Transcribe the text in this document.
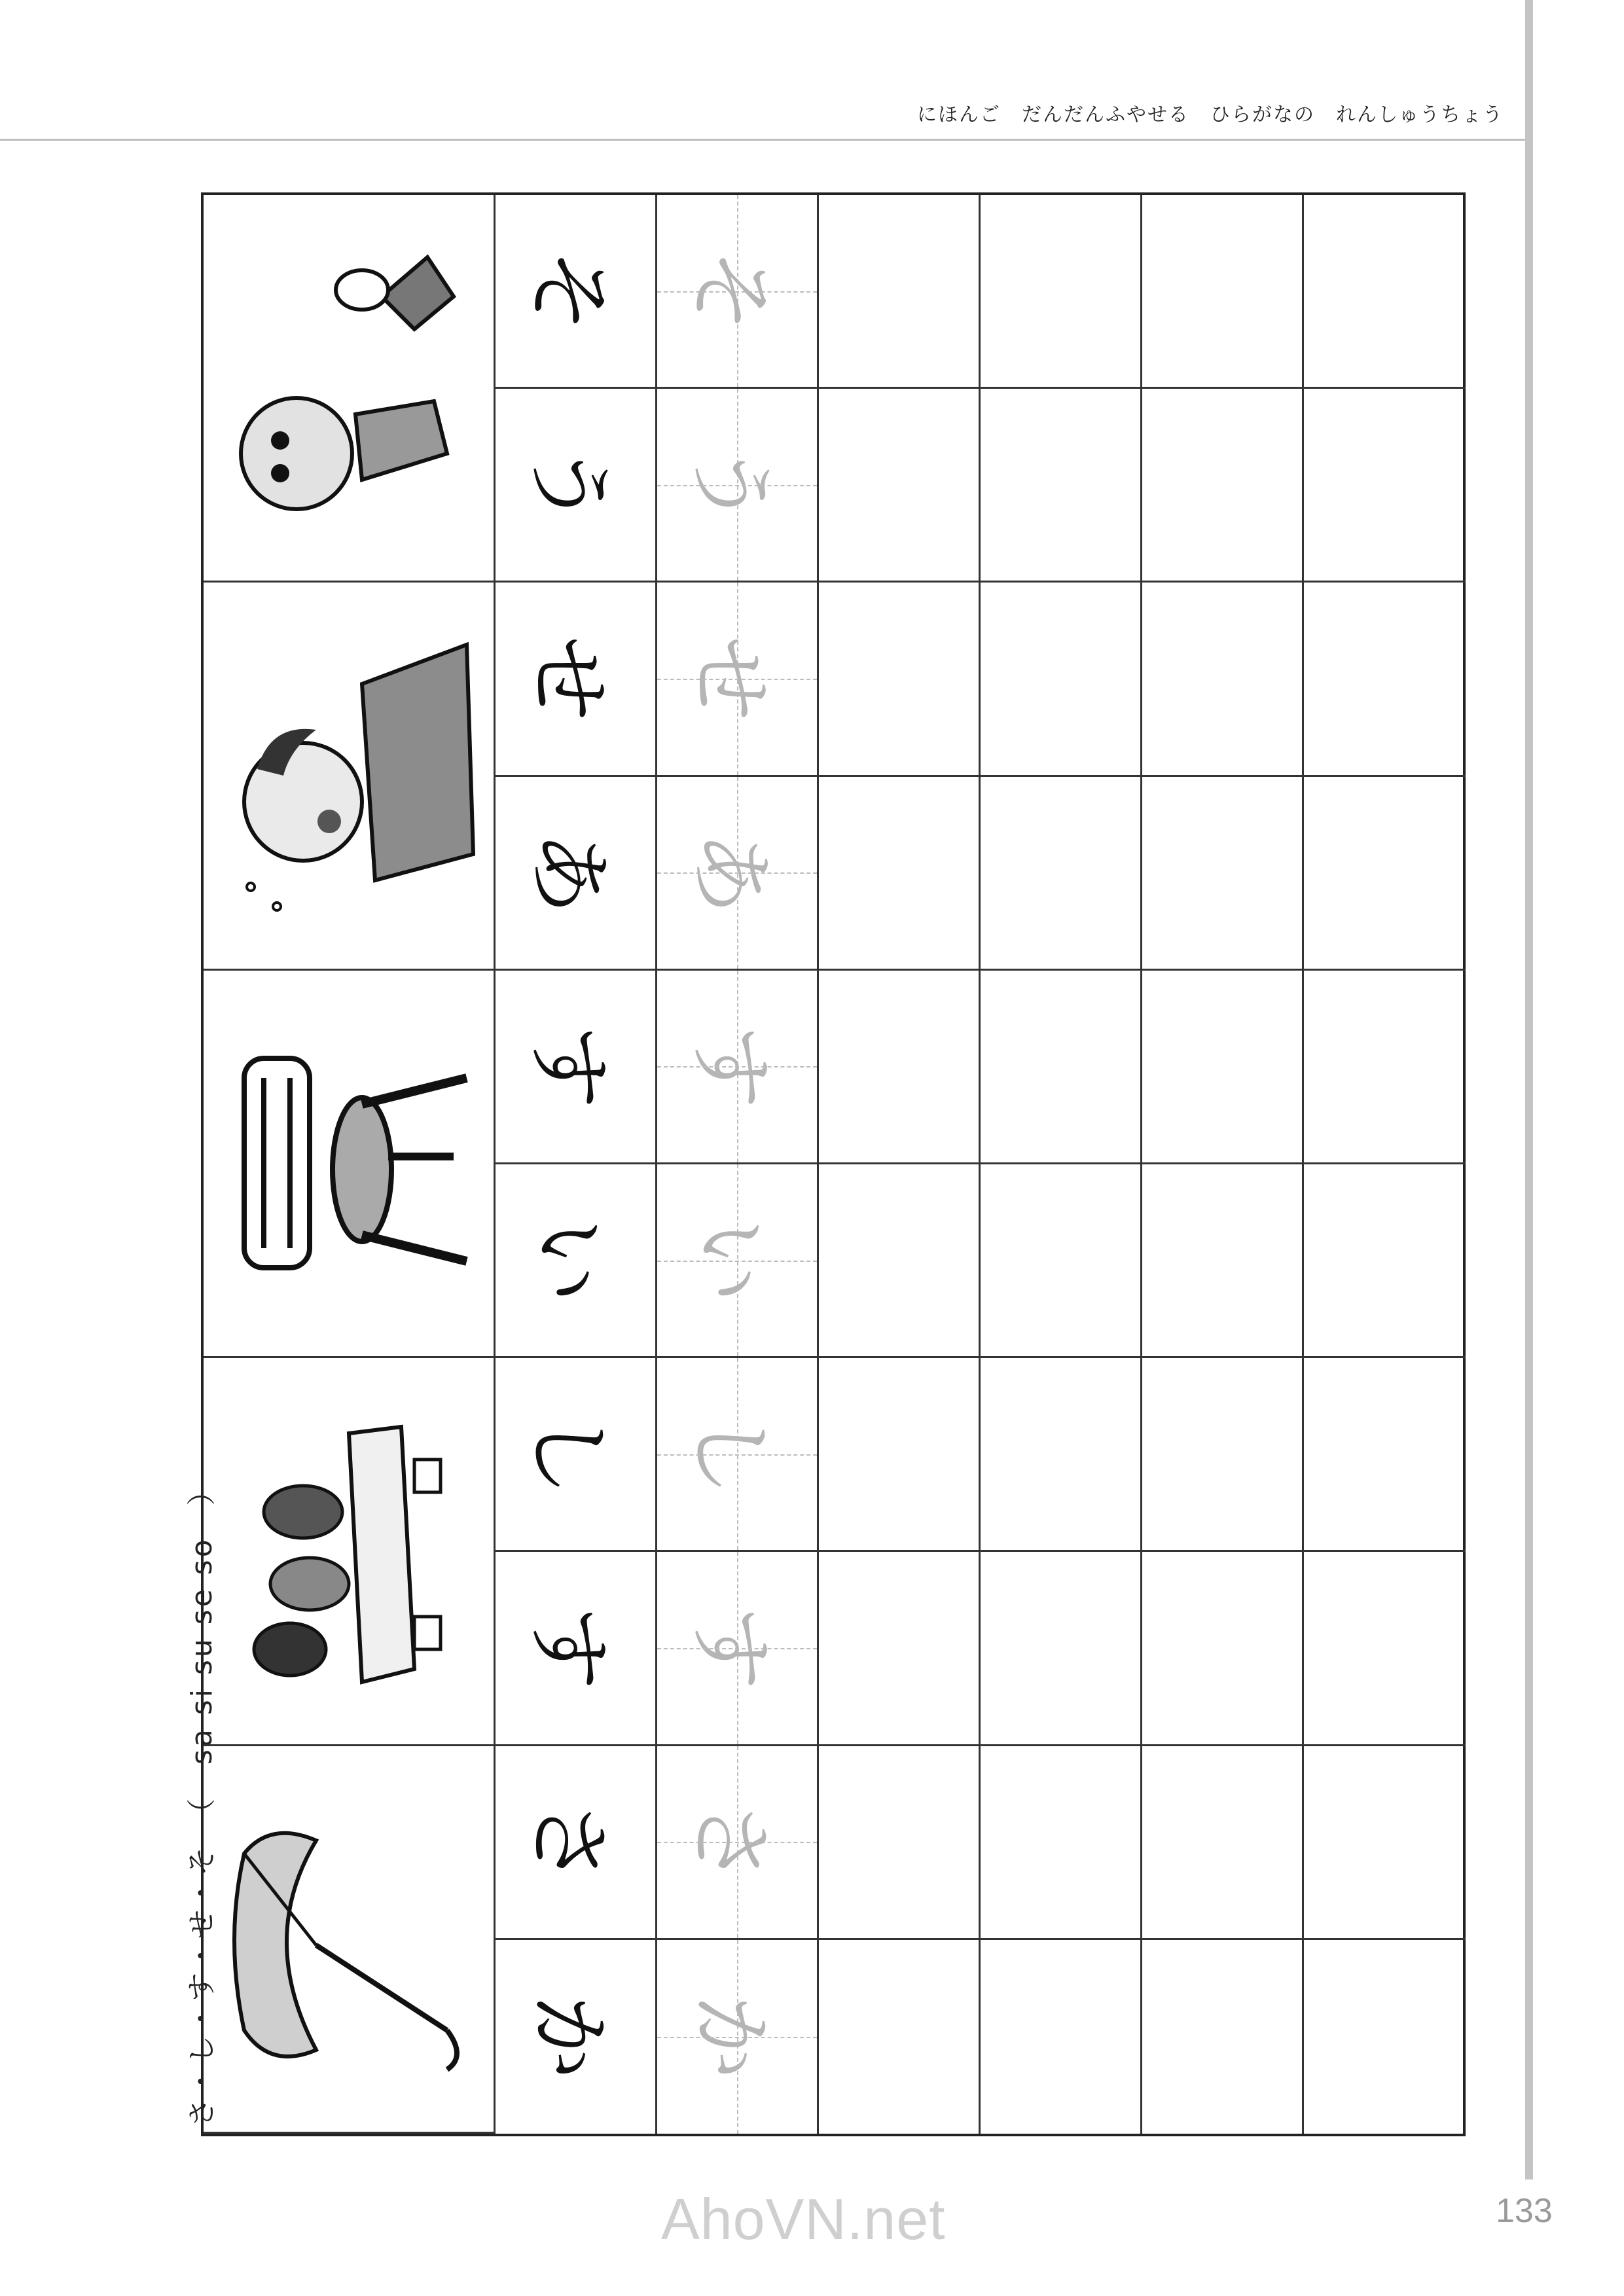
にほんご　だんだんふやせる　ひらがなの　れんしゅうちょう
さ・し・す・せ・そ　（　sa si su se so　）
う
そ
う
そ
あ
せ
あ
せ
い
す
い
す
す
し
す
し
か
さ
か
さ
AhoVN.net	133
